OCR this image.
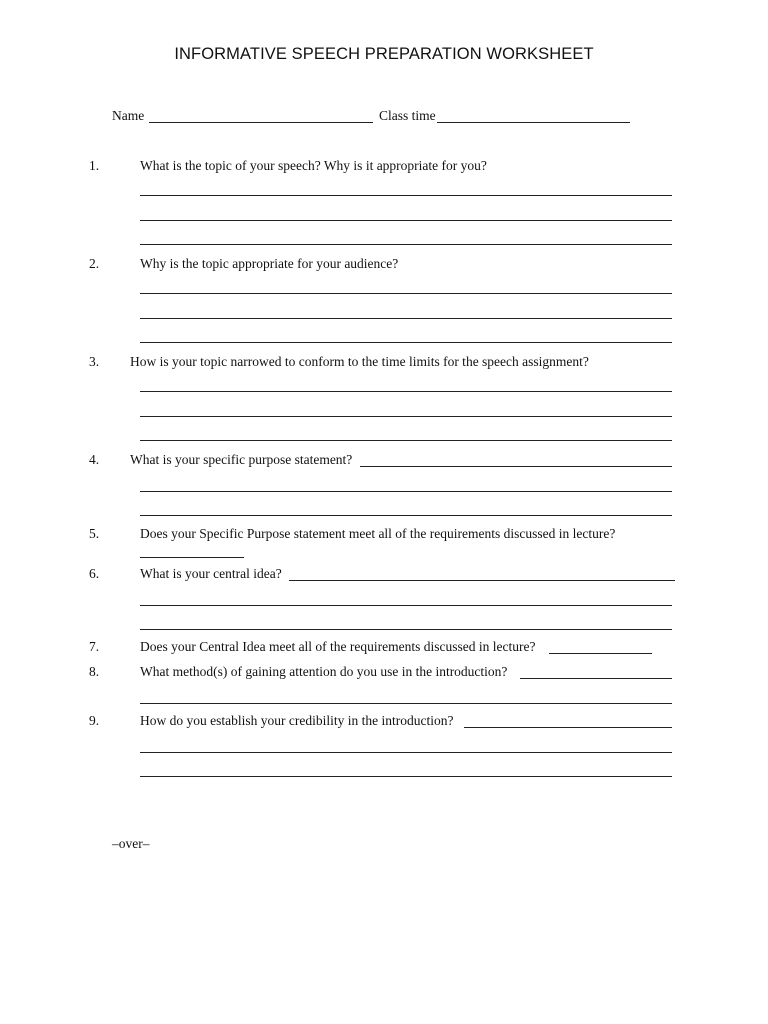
INFORMATIVE SPEECH PREPARATION WORKSHEET
Name	Class time
1.	What is the topic of your speech? Why is it appropriate for you?
2.	Why is the topic appropriate for your audience?
3. How is your topic narrowed to conform to the time limits for the speech assignment?
4. What is your specific purpose statement?
5.	Does your Specific Purpose statement meet all of the requirements discussed in lecture?
6.	What is your central idea?
7.	Does your Central Idea meet all of the requirements discussed in lecture?
8.	What method(s) of gaining attention do you use in the introduction?
9.	How do you establish your credibility in the introduction?
–over–
